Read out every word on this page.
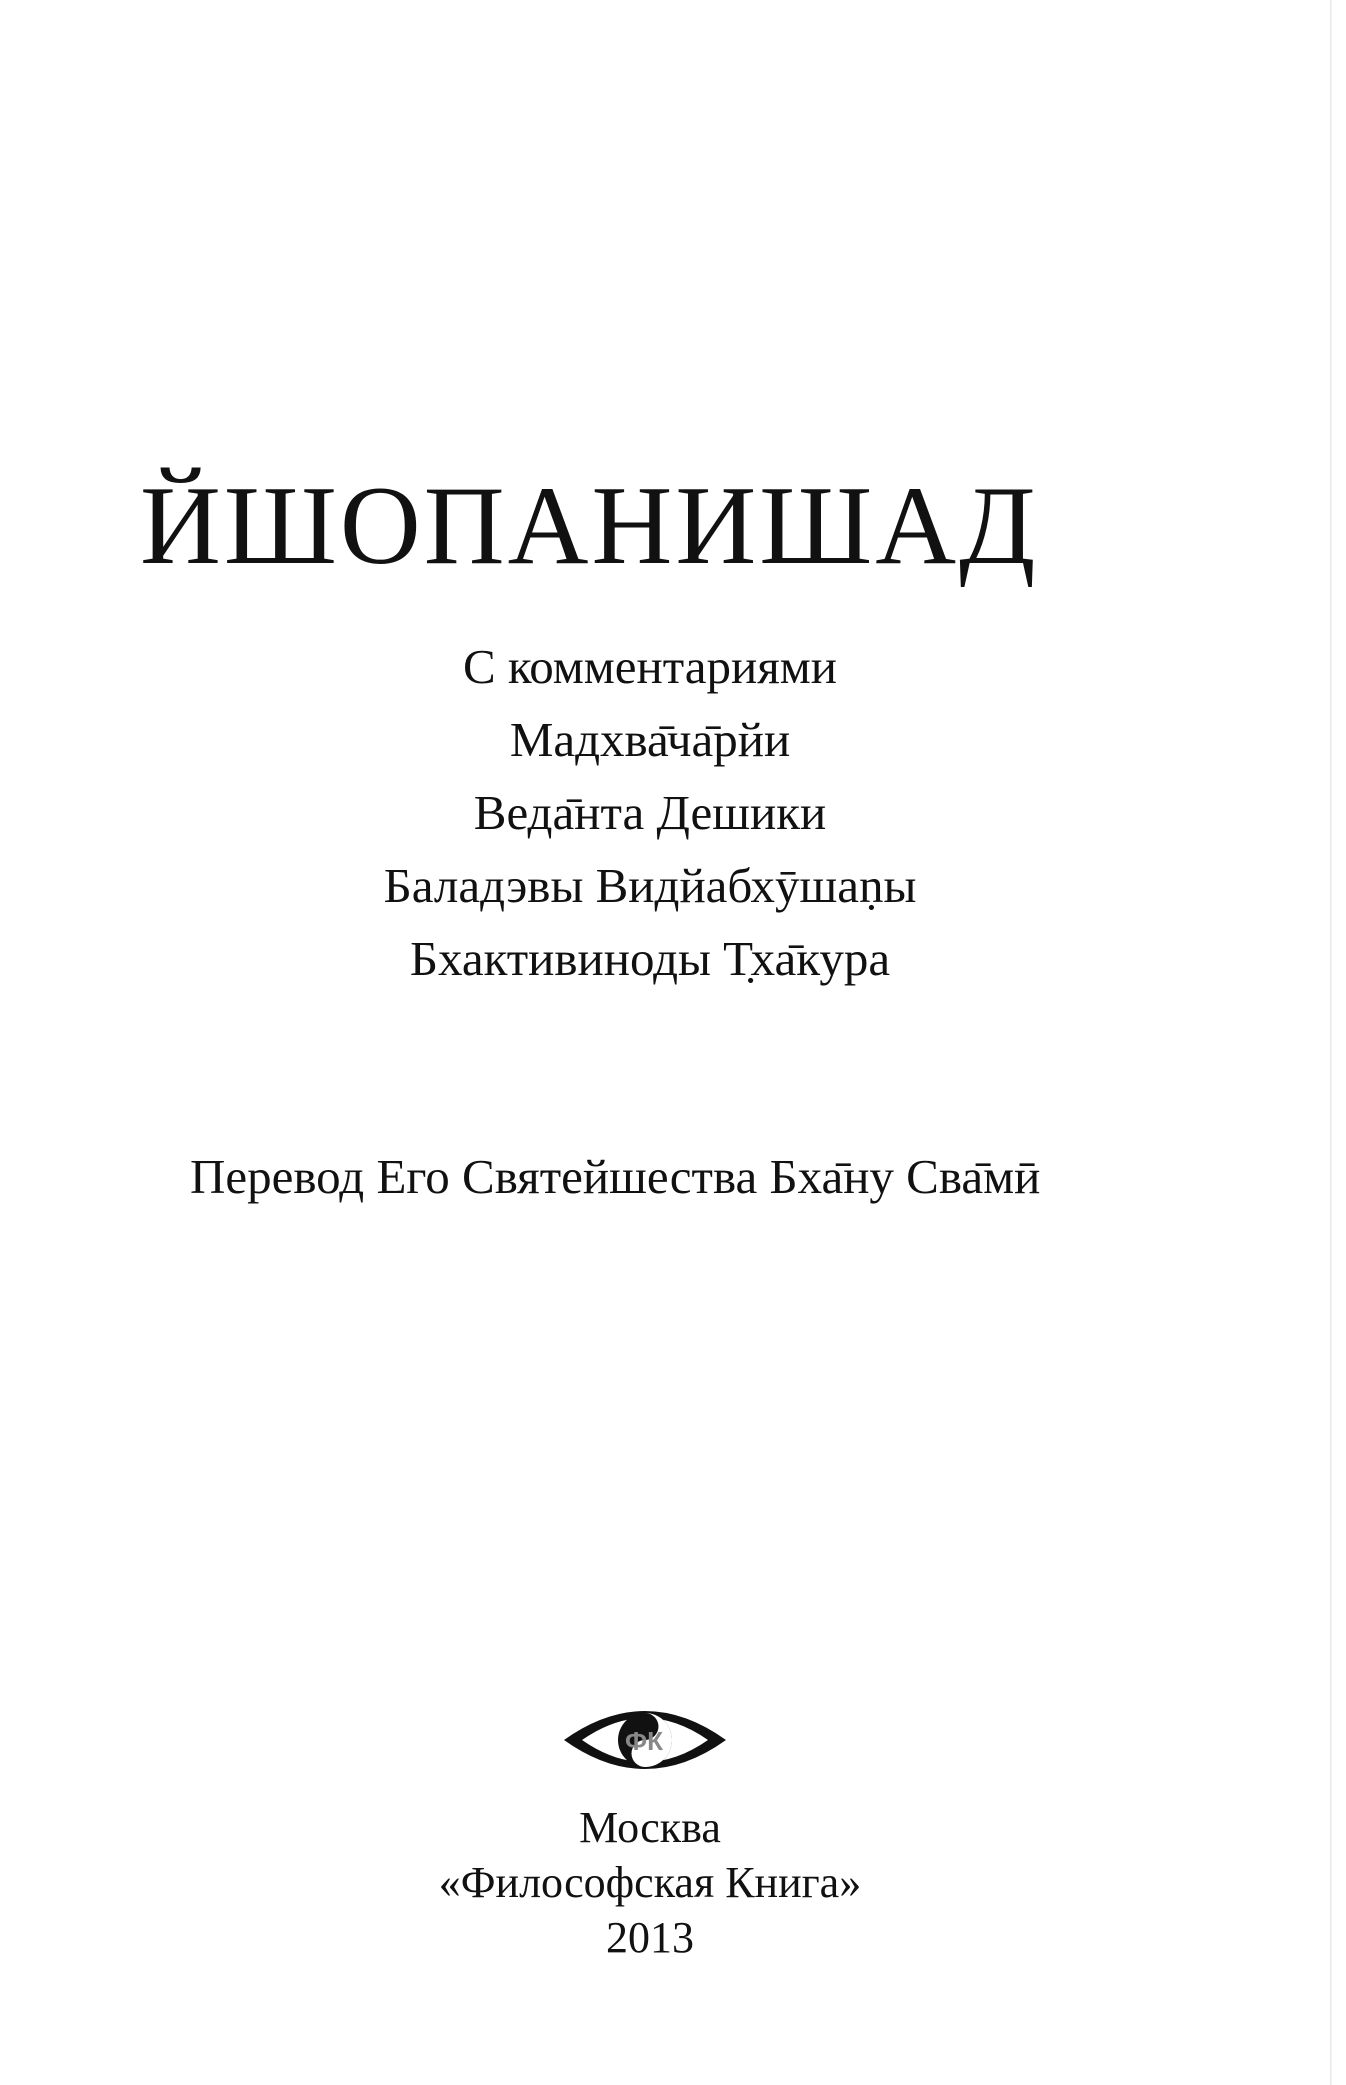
ЙШОПАНИШАД
С комментариями
Мадхва̄ча̄рйи
Веда̄нта Дешики
Баладэвы Видйабхӯшаṇы
Бхактивиноды Т̣ха̄кура
Перевод Его Святейшества Бха̄ну Сва̄мӣ
ФК
Москва
«Философская Книга»
2013
